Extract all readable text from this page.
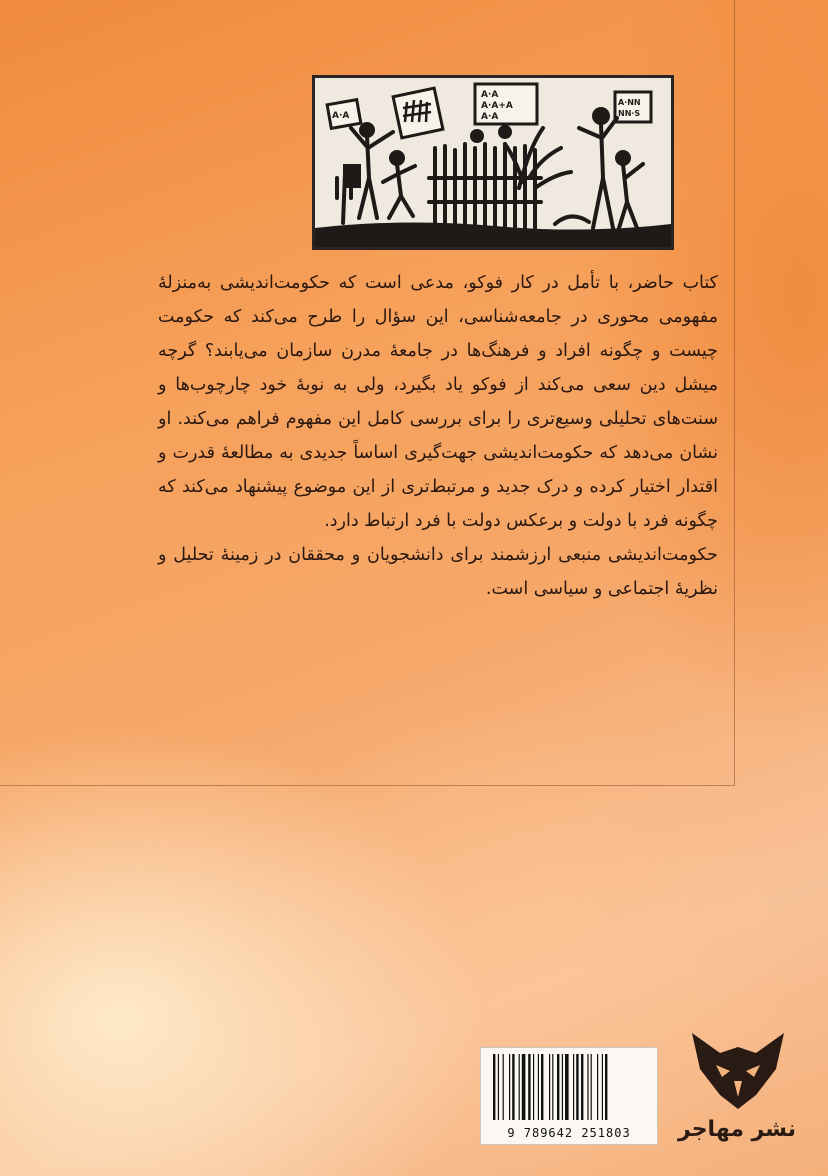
A·A
A·A
A·A+A
A·A
A·NN
NN·S

کتاب حاضر، با تأمل در کار فوکو، مدعی است که حکومت‌اندیشی به‌منزلهٔ مفهومی محوری در جامعه‌شناسی، این سؤال را طرح می‌کند که حکومت چیست و چگونه افراد و فرهنگ‌ها در جامعهٔ مدرن سازمان می‌یابند؟ گرچه میشل دین سعی می‌کند از فوکو یاد بگیرد، ولی به نوبهٔ خود چارچوب‌ها و سنت‌های تحلیلی وسیع‌تری را برای بررسی کامل این مفهوم فراهم می‌کند. او نشان می‌دهد که حکومت‌اندیشی جهت‌گیری اساساً جدیدی به مطالعهٔ قدرت و اقتدار اختیار کرده و درک جدید و مرتبط‌تری از این موضوع پیشنهاد می‌کند که چگونه فرد با دولت و برعکس دولت با فرد ارتباط دارد.

حکومت‌اندیشی منبعی ارزشمند برای دانشجویان و محققان در زمینهٔ تحلیل و نظریهٔ اجتماعی و سیاسی است.

9 789642 251803	نشر مهاجر
